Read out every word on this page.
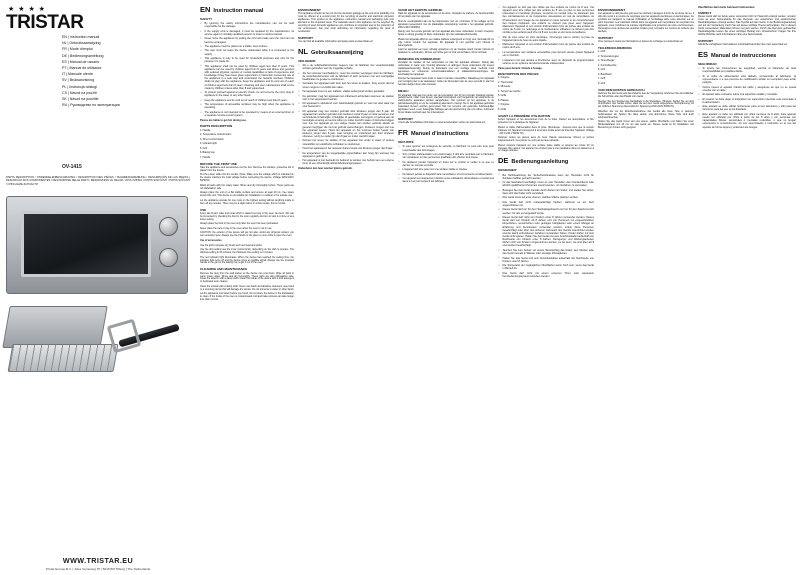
★ ★ ★ ★
TRISTAR
EN | Instruction manual
NL | Gebruiksaanwijzing
FR | Mode d'emploi
DE | Bedienungsanleitung
ES | Manual de usuario
PT | Manual de utilizador
IT | Manuale utente
SV | Bruksanvisning
PL | Instrukcja obsługi
CS | Návod na použití
SK | Návod na použitie
RU | Руководство по эксплуатации
OV-1415
PARTS DESCRIPTION / ONDERDELENBESCHRIJVING / DESCRIPTION DES PIÈCES / TEILEBESCHREIBUNG / DESCRIPCIÓN DE LAS PIEZAS / DESCRIÇÃO DOS COMPONENTES / DESCRIZIONE DELLE PARTI / BESKRIVNING AV DELAR / OPIS CZĘŚCI / POPIS SOUČÁSTÍ / POPIS SÚČASTÍ / ОПИСАНИЕ ЗАПЧАСТИ
WWW.TRISTAR.EU
Tristar Europe B.V. | Jules Verneweg 87 | 5015 BH Tilburg | The Netherlands
EN Instruction manual
SAFETY
• By ignoring the safety instructions the manufacturer can not be held responsible for the damage.
• If the supply cord is damaged, it must be replaced by the manufacturer, its service agent or similarly qualified persons in order to avoid a hazard.
• Never move the appliance by pulling the cord and make sure the cord can not become entangled.
• The appliance must be placed on a stable, level surface.
• The user must not leave the device unattended while it is connected to the supply.
• This appliance is only to be used for household purposes and only for the purpose it is made for.
• This appliance shall not be used by children aged less than 8 years. This appliance can be used by children aged from 8 years and above and persons with reduced physical, sensory or mental capabilities or lack of experience and knowledge if they have been given supervision or instruction concerning use of the appliance in a safe way and understand the hazards involved. Children shall not play with the appliance. Keep the appliance and its cord out of reach of children aged less than 8 years. Cleaning and user maintenance shall not be made by children unless older than 8 and supervised.
• To protect yourself against an electric shock, do not immerse the cord, plug or appliance in the water or any other liquid.
• Keep the appliance and its cord out of reach of children less than 8 years.
• The temperature of accessible surfaces may be high when the appliance is operating.
• The appliance is not intended to be operated by means of an external timer or a separate remote-control system.

Pieces are liable to get hot during use.

PARTS DESCRIPTION

1. Handle

2. Temperature control button

3. Timer control button

4. Indicator light

5. Grill

6. Baking tray

7. Handle

BEFORE THE FIRST USE

Take the appliance and accessories out the box. Remove the stickers, protective foil or plastic from the device.

Put the power cable into the socket. (Note: Make sure the voltage which is indicated on the device matches the local voltage before connecting the device. Voltage 220V-240V, 50/60Hz)

Wash all parts with hot soapy water. Rinse and dry thoroughly before. These parts are not dishwasher safe.

Always place the unit on a flat stable surface and ensure at least 20 cm. free space around the unit. This device is not suitable for installation in a cabinet or for outside use.

Let the appliance operate for one cycle on the highest setting without anything inside to burn off any residue. There may be a slight odour or a little smoke, this is normal.

USE

Food, like bread, cake and meat which is baked too long in the oven can burn; this can be prevented by checking the food in the oven regularly and turn to stop it on time or at a lower setting.

Always place the food in the oven only after the oven has been preheated.

Never place the rack or tray in the oven when the oven is not in use.

CAUTION: the exterior of the device will get hot also. Avoid any physical contact; you can seriously injure. Always use the handle or the glove or oven mitts to open the oven.

Use of accessories

Use the grid to prepare dry foods such as bread and pizza.

Use the drip setting use the inner control knob, depending on the dish to prepare. The drip/tray setting is 10 minutes; the thickness time setting is 2 minutes.

The red indicator light illuminates. When the device has reached the setting time, the indicator light turns off and the device gives an audible signal. Always use the provided handle to the grid or the baking tray to get it out of the oven.

CLEANING AND MAINTENANCE

Remove the plug from the wall socket so the device can cool down. Wipe all parts in warm soapy water. Rinse and dry thoroughly. These parts are also dishwasher safe. Clean the exterior with a damp cloth. Clean the inside of the device with a mild detergent or dedicated oven cleaner.

Clean the outside with a damp cloth. Never use harsh and abrasive cleansers, steel wool or a scouring pad as this will damage the device. Do not immerse in water or other liquid.

Let the appliance cool down before you touch. Do not place the device in the dishwasher to clean. If the inside of the oven is contaminated, boil and bake process can take longer time than normal.

ENVIRONMENT

This appliance should not be put into the domestic garbage at the end of its durability, but must be offered at a central point for the recycling of electric and electronic domestic appliances. This symbol on the appliance, instruction manual and packaging puts your attention to this important issue. The materials used in this appliance can be recycled. By recycling of used domestic appliances you contribute an important step to the protection of our environment. Ask your local authorities for information regarding the point of recollection.

SUPPORT

You can find all available information and spare parts at www.tristar.eu!

NL Gebruiksaanwijzing
VEILIGHEID
• Als u de veiligheidsinstructies negeert, kan de fabrikant niet verantwoordelijk worden gehouden voor de mogelijke schade.
• Als het netsnoer beschadigd is, moet het worden vervangen door de fabrikant, de onderhoudsmonteur van de fabrikant of door personen met een soortgelijke kwalificatie om gevaar te voorkomen.
• Verplaats het apparaat nooit door aan het snoer te trekken. Zorg ervoor dat het snoer nergens in verstrikt kan raken.
• Het apparaat moet op een stabiele, vlakke ondergrond worden geplaatst.
• De gebruiker mag het apparaat niet onbeheerd achterlaten wanneer de stekker zich in het stopcontact bevindt.
• Dit apparaat is uitsluitend voor huishoudelijk gebruik en voor het doel waar het voor bestemd is.
• Dit apparaat mag niet worden gebruikt door kinderen jonger dan 8 jaar. Dit apparaat kan worden gebruikt door kinderen vanaf 8 jaar en door personen met verminderde lichamelijke, zintuiglijke of geestelijke vermogens of gebrek aan de benodigde ervaring en kennis indien ze onder toezicht staan of instructies krijgen over hoe het apparaat op een veilige manier kan worden gebruikt alsook de gevaren begrijpen die met het gebruik samenhangen. Kinderen mogen niet met het apparaat spelen. Houd het apparaat en het netsnoer buiten bereik van kinderen jonger dan 8 jaar. Laat reiniging en onderhoud niet door kinderen uitvoeren, tenzij ze ouder zijn dan 8 jaar en onder toezicht staan.
• Dompel het snoer, de stekker of het apparaat niet onder in water of andere vloeistoffen om elektrische schokken te voorkomen.
• Houd het apparaat en het netsnoer buiten bereik van kinderen jonger dan 8 jaar.
• De temperatuur van de toegankelijke oppervlakken kan hoog zijn wanneer het apparaat in gebruik is.
• Het apparaat is niet bedoeld om bediend te worden met behulp van een externe timer of een afzonderlijk afstandsbedieningssysteem.

Onderdelen kan heet worden tijdens gebruik.

VOOR HET EERSTE GEBRUIK

Haal het apparaat en de accessoires uit de doos. Verwijder de stickers, de beschermfolie of het plastic van het apparaat.

Sluit de voedingskabel aan op het stopcontact. (Let op: controleer of het voltage op het apparaat overeenkomt met de plaatselijke netspanning voordat u het apparaat gebruikt. 220V-240V 50/60Hz)

Reinig voor het eerste gebruik van het apparaat alle losse onderdelen in warm zeepsop. Spoel en droog grondig af. Deze onderdelen zijn niet vaatwasserbestendig.

Plaats het apparaat altijd op een vlakke stabiele ondergrond en zorg voor minimaal 20 cm vrije ruimte rondom het apparaat. Dit apparaat is niet geschikt voor inbouw of buitengebruik.

Laat het apparaat een keer volledig opwarmen op de hoogste stand zonder inhoud om restanten te verbranden. Dit kan een lichte geur of rook veroorzaken. Dit is normaal.

REINIGING EN ONDERHOUD

Verwijder de stekker uit het stopcontact en laat het apparaat afkoelen. Reinig alle onderdelen in warm sop. Grondig afspoelen en afdrogen. Deze onderdelen zijn tevens vaatwasserbestendig. Reinig de buitenkant met een vochtige doek. Gebruik nooit agressieve en schurende schoonmaakmiddelen of staalwol/schuursponsjes. Dit beschadigt het apparaat.

Dompel het apparaat nooit onder in water of andere vloeistoffen. Raadpleeg het apparaat voor reiniging niet in de vaatwasser. Indien de binnenkant van de oven vervuild is, kan het bereiden langer duren dan normaal.

MILIEU

Dit apparaat mag aan het einde van de levensduur niet bij het normale huisafval worden gedeponeerd, maar moet bij een speciaal inzamelpunt voor hergebruik van elektrische en elektronische apparaten worden aangeboden. Het symbool op het apparaat, in de gebruiksaanwijzing en op de verpakking attendeert u hierop. De in het apparaat gebruikte materialen kunnen worden gerecycled. Met het recyclen van gebruikte huishoudelijke apparaten levert u een belangrijke bijdrage aan de bescherming van ons milieu. Informeer bij uw lokale overheid naar het inzamelpunt.

SUPPORT

U kunt alle beschikbare informatie en reserveonderdelen vinden op www.tristar.eu!

FR Manuel d'instructions
SÉCURITÉ
• Si vous ignorez les consignes de sécurité, le fabricant ne peut être tenu pour responsable des dommages.
• Si le cordon d'alimentation est endommagé, il doit être remplacé par le fabricant, son réparateur ou des personnes qualifiées afin d'éviter tout risque.
• Ne déplacez jamais l'appareil en tirant sur le cordon et veillez à ce que ce dernier ne soit pas emmêlé.
• L'appareil doit être posé sur une surface stable et nivelée.
• Ne laissez jamais le dispositif sans surveillance s'il est connecté à l'alimentation.
• Cet appareil est uniquement destiné à des utilisations domestiques et seulement dans le but pour lequel il est fabriqué.
• Cet appareil ne doit pas être utilisé par des enfants de moins de 8 ans. Cet appareil peut être utilisé par des enfants de 8 ans ou plus et des personnes présentant un handicap physique, sensoriel ou mental voire ne disposant pas des connaissances et de l'expérience nécessaires en cas de surveillance ou d'instructions sur l'usage de cet appareil en toute sécurité et de compréhension des risques impliqués. Les enfants ne doivent pas jouer avec l'appareil. Maintenez l'appareil et son cordon d'alimentation hors de portée des enfants de moins de 8 ans. Le nettoyage et la maintenance utilisateur ne doivent pas être confiés à des enfants sauf s'ils ont 8 ans ou plus et sont sous surveillance.
• Afin de vous éviter un choc électrique, n'immergez pas le cordon, la prise ou l'appareil dans de l'eau ou autre liquide.
• Maintenez l'appareil et son cordon d'alimentation hors de portée des enfants de moins de 8 ans.
• La température des surfaces accessibles peut devenir élevée quand l'appareil est en fonction.
• L'appareil n'est pas destiné à fonctionner avec un dispositif de programmation externe ou un système de télécommande indépendant.

Pièce peut devenir chaude à l'usage.

DESCRIPTION DES PIÈCES

1. Poignée

2. Thermostat

3. Minuterie

4. Témoin de marche

5. Grille

6. Plateau

7. Poignée

8. Grille

AVANT LA PREMIÈRE UTILISATION

Sortez l'appareil et les accessoires hors de la boîte. Retirez les autocollants, le film protecteur ou le plastique de l'appareil.

Mettez le câble d'alimentation dans la prise. (Remarque : Assurez-vous que la tension indiquée sur l'appareil correspond à la tension locale avant de brancher l'appareil. Voltage : 220 V-240 V 50/60 Hz)

Nettoyez toutes les pièces avec de l'eau chaude savonneuse. Rincez et séchez soigneusement. Ces pièces ne vont pas au lave-vaisselle.

Placez toujours l'appareil sur une surface plane stable et assurez au moins 20 cm d'espace libre autour. Cet appareil ne convient pas à une installation dans un placard ou à un usage extérieur.

DE Bedienungsanleitung
SICHERHEIT
• Bei Nichtbeachtung der Sicherheitshinweise kann der Hersteller nicht für Schäden haftbar gemacht werden.
• Ist das Netzkabel beschädigt, muss es vom Hersteller, dem Kundendienst oder ähnlich qualifizierten Personen ersetzt werden, um Gefahren zu vermeiden.
• Bewegen Sie das Gerät niemals durch Ziehen am Kabel, und stellen Sie sicher, dass sich das Kabel nicht verwickelt.
• Das Gerät muss auf einer ebenen, stabilen Fläche platziert werden.
• Das Gerät darf nicht unbeaufsichtigt bleiben, während es am Netz angeschlossen ist.
• Dieses Gerät darf nur für den Haushaltsgebrauch und nur für den Zweck benutzt werden, für den es hergestellt wurde.
• Dieses Gerät darf nicht von Kindern unter 8 Jahren verwendet werden. Dieses Gerät darf von Kindern ab 8 Jahren und von Personen mit eingeschränkten körperlichen, sensorischen oder geistigen Fähigkeiten oder einem Mangel an Erfahrung und Kenntnissen verwendet werden, sofern diese Personen beaufsichtigt oder über den sicheren Gebrauch des Geräts unterrichtet wurden und die damit verbundenen Gefahren verstanden haben. Kinder dürfen mit dem Gerät nicht spielen. Halten Sie das Gerät und sein Anschlusskabel außerhalb der Reichweite von Kindern unter 8 Jahren. Reinigungs- und Wartungsarbeiten dürfen nicht von Kindern vorgenommen werden, es sei denn, sie sind älter als 8 und werden beaufsichtigt.
• Tauchen Sie zum Schutz vor einem Stromschlag das Kabel, den Stecker oder das Gerät niemals in Wasser oder sonstige Flüssigkeiten.
• Halten Sie das Gerät und sein Anschlusskabel außerhalb der Reichweite von Kindern unter 8 Jahren.
• Die Temperatur der zugänglichen Oberflächen kann hoch sein, wenn das Gerät in Betrieb ist.
• Das Gerät darf nicht mit einem externen Timer oder separatem Fernbedienungssystem betrieben werden.
ENVIRONNEMENT

Cet appareil ne doit pas être jeté avec les déchets ménagers à la fin de sa durée de vie, il doit être remis à un centre de recyclage pour les appareils électriques et électroniques. Ce symbole sur l'appareil, le manuel d'utilisation et l'emballage attire votre attention sur un point important. Les matériaux utilisés dans cet appareil sont recyclables. En recyclant vos appareils, vous contribuez de manière significative à la protection de notre environnement. Renseignez-vous auprès des autorités locales pour connaître les centres de collecte des déchets.

SUPPORT

Vous retrouvez toutes les informations et pièces de rechange sur www.tristar.eu!

TEILEBESCHREIBUNG

1. Griff

2. Temperaturregler

3. Timer-Regler

4. Kontrollleuchte

5. Grill

6. Backblech

7. Griff

8. Grill

VOR DEM ERSTEN GEBRAUCH

Nehmen Sie das Gerät und das Zubehör aus der Verpackung. Entfernen Sie die Aufkleber, die Schutzfolie oder das Plastik vom Gerät.

Stecken Sie den Stecker des Netzkabels in die Steckdose. (Hinweis: Stellen Sie vor dem Anschließen des Geräts sicher, dass die auf dem Gerät angegebene Netzspannung mit der örtlichen Spannung übereinstimmt. Spannung 220V-240V 50/60 Hz)

Waschen Sie vor der Erstinbetriebnahme des Geräts alle losen Teile in warmem Seifenwasser ab. Spülen Sie alles sauber und abtrocknen. Diese Teile sind auch spülmaschinenfest.

Stellen Sie das Gerät immer auf eine ebene, stabile Oberfläche und halten Sie einen Mindestabstand von 20 cm um das Gerät ein. Dieses Gerät ist für Installation und Benutzung im Freien nicht geeignet.

Oberflächen kann beim Gebrauch heiß werden.

UMWELT

Dieses Gerät darf am Ende seiner Lebenszeit nicht im Hausmüll entsorgt werden, sondern muss an einer Sammelstelle für das Recyceln von elektrischen und elektronischen Haushaltsgeräten entsorgt werden. Das Symbol auf dem Gerät, in der Bedienungsanleitung und auf der Verpackung macht Sie auf dieses wichtige Thema aufmerksam. Die in diesem Gerät verwendeten Materialien können recycelt werden. Durch das Recyceln gebrauchter Haushaltsgeräte leisten Sie einen wichtigen Beitrag zum Umweltschutz. Fragen Sie Ihre örtliche Behörde nach Informationen über eine Sammelstelle.

SUPPORT

Sämtliche verfügbaren Informationen und Ersatzteile finden Sie unter www.tristar.eu!

ES Manual de instrucciones
SEGURIDAD
• Si ignora las instrucciones de seguridad, eximirá al fabricante de toda responsabilidad por posibles daños.
• Si el cable de alimentación está dañado, corresponde al fabricante, al representante o a una persona de cualificación similar su reemplazo para evitar peligros.
• Nunca mueva el aparato tirando del cable y asegúrese de que no se pueda enredar con el cable.
• El aparato debe colocarse sobre una superficie estable y nivelada.
• El usuario no debe dejar el dispositivo sin supervisión mientras esté conectado a la alimentación.
• Este aparato se debe utilizar únicamente para el uso doméstico y sólo para las funciones para las que se ha diseñado.
• Este aparato no debe ser utilizado por niños menores de 8 años. Este aparato puede ser utilizado por niños a partir de los 8 años y por personas con capacidades físicas, sensoriales o mentales reducidas, o que no tengan experiencia ni conocimientos, sin son supervisados o instruidos en el uso del aparato de forma segura y entienden los riesgos.
